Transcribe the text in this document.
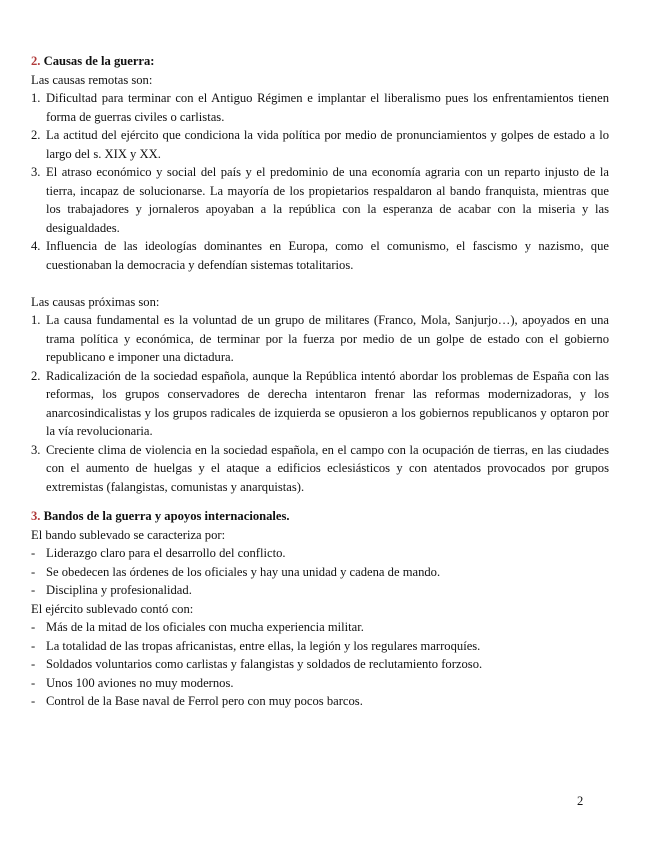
2. Causas de la guerra:

Las causas remotas son:

1. Dificultad para terminar con el Antiguo Régimen e implantar el liberalismo pues los enfrentamientos tienen forma de guerras civiles o carlistas.
2. La actitud del ejército que condiciona la vida política por medio de pronunciamientos y golpes de estado a lo largo del s. XIX y XX.
3. El atraso económico y social del país y el predominio de una economía agraria con un reparto injusto de la tierra, incapaz de solucionarse. La mayoría de los propietarios respaldaron al bando franquista, mientras que los trabajadores y jornaleros apoyaban a la república con la esperanza de acabar con la miseria y las desigualdades.
4. Influencia de las ideologías dominantes en Europa, como el comunismo, el fascismo y nazismo, que cuestionaban la democracia y defendían sistemas totalitarios.

Las causas próximas son:

1. La causa fundamental es la voluntad de un grupo de militares (Franco, Mola, Sanjurjo…), apoyados en una trama política y económica, de terminar por la fuerza por medio de un golpe de estado con el gobierno republicano e imponer una dictadura.
2. Radicalización de la sociedad española, aunque la República intentó abordar los problemas de España con las reformas, los grupos conservadores de derecha intentaron frenar las reformas modernizadoras, y los anarcosindicalistas y los grupos radicales de izquierda se opusieron a los gobiernos republicanos y optaron por la vía revolucionaria.
3. Creciente clima de violencia en la sociedad española, en el campo con la ocupación de tierras, en las ciudades con el aumento de huelgas y el ataque a edificios eclesiásticos y con atentados provocados por grupos extremistas (falangistas, comunistas y anarquistas).

3. Bandos de la guerra y apoyos internacionales.

El bando sublevado se caracteriza por:

- Liderazgo claro para el desarrollo del conflicto.
- Se obedecen las órdenes de los oficiales y hay una unidad y cadena de mando.
- Disciplina y profesionalidad.

El ejército sublevado contó con:

- Más de la mitad de los oficiales con mucha experiencia militar.
- La totalidad de las tropas africanistas, entre ellas, la legión y los regulares marroquíes.
- Soldados voluntarios como carlistas y falangistas y soldados de reclutamiento forzoso.
- Unos 100 aviones no muy modernos.
- Control de la Base naval de Ferrol pero con muy pocos barcos.
2
